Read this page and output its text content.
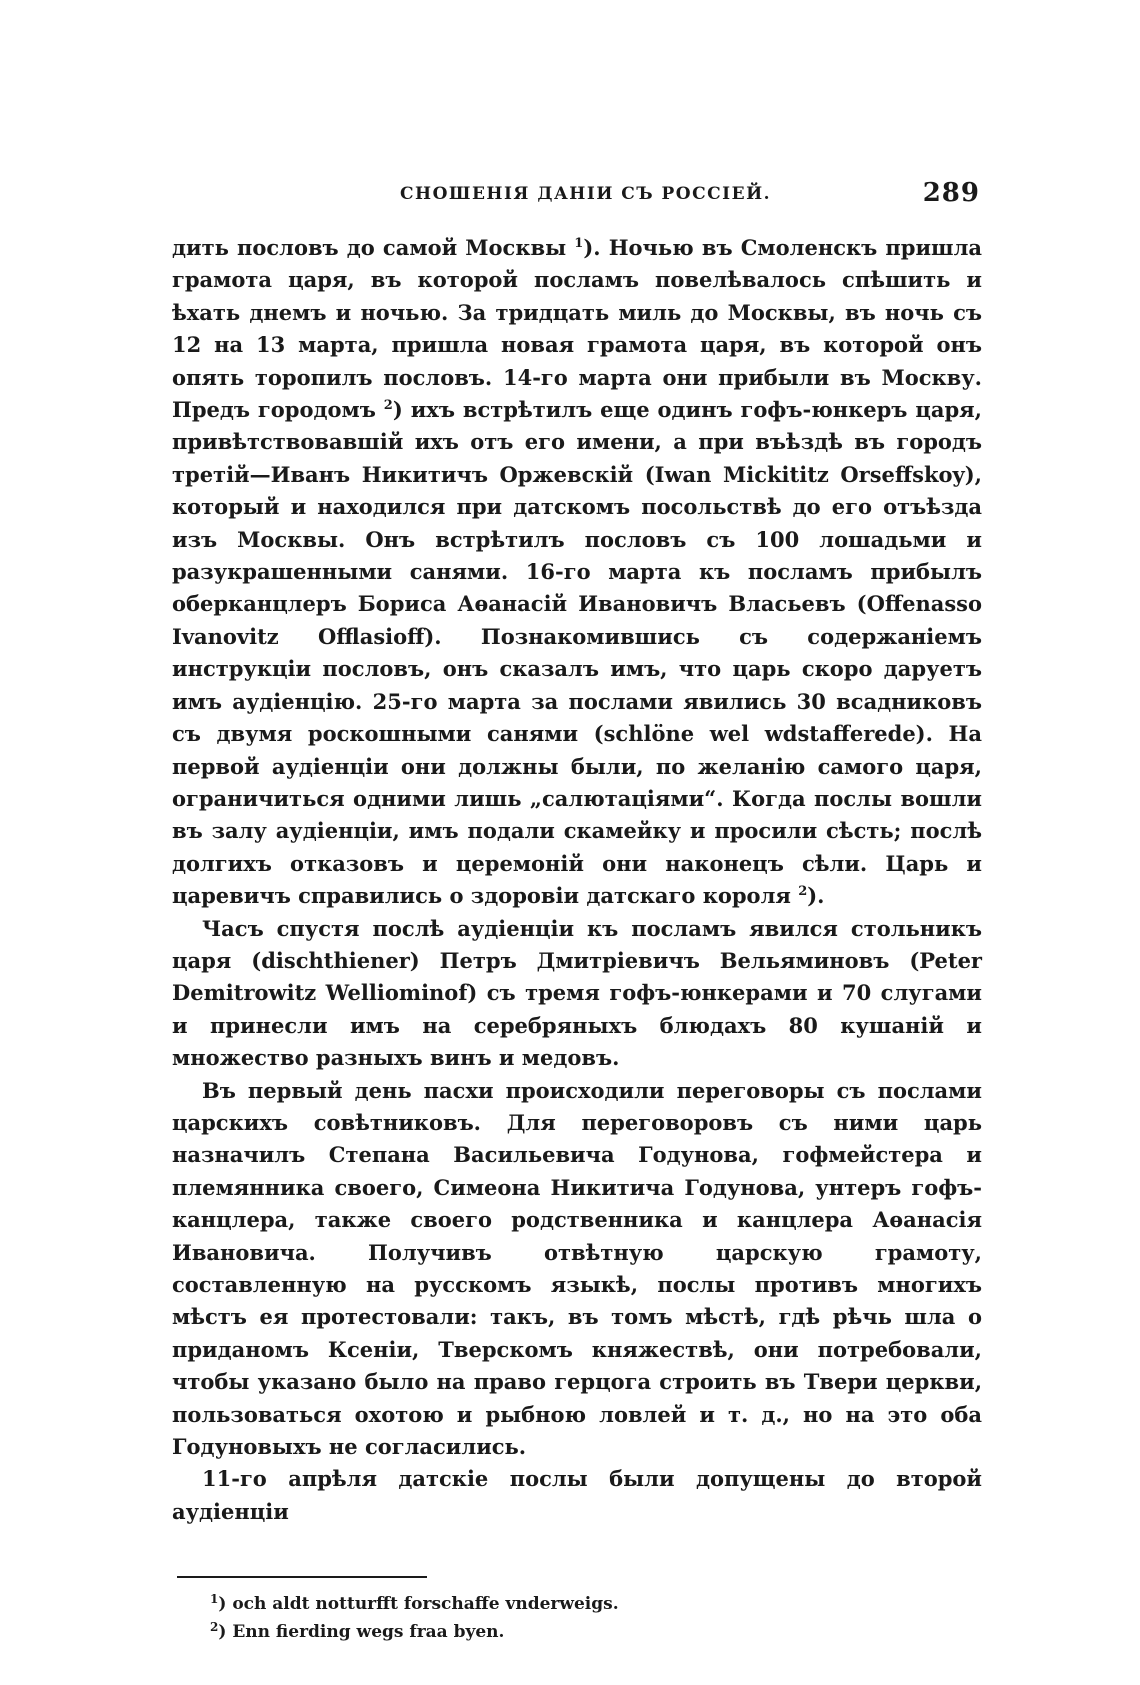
СНОШЕНІЯ ДАНІИ СЪ РОССІЕЙ.	289

дить пословъ до самой Москвы $^1$). Ночью въ Смоленскъ пришла грамота царя, въ которой посламъ повелѣвалось спѣшить и ѣхать днемъ и ночью. За тридцать миль до Москвы, въ ночь съ 12 на 13 марта, пришла новая грамота царя, въ которой онъ опять торопилъ пословъ. 14-го марта они прибыли въ Москву. Предъ городомъ $^2$) ихъ встрѣтилъ еще одинъ гофъ-юнкеръ царя, привѣтствовавшій ихъ отъ его имени, а при въѣздѣ въ городъ третій—Иванъ Никитичъ Оржевскій (Iwan Mickititz Orseffskoy), который и находился при датскомъ посольствѣ до его отъѣзда изъ Москвы. Онъ встрѣтилъ пословъ съ 100 лошадьми и разукрашенными санями. 16-го марта къ посламъ прибылъ оберканцлеръ Бориса Аѳанасій Ивановичъ Власьевъ (Offenasso Ivanovitz Offlasioff). Познакомившись съ содержаніемъ инструкціи пословъ, онъ сказалъ имъ, что царь скоро даруетъ имъ аудіенцію. 25-го марта за послами явились 30 всадниковъ съ двумя роскошными санями (schlöne wel wdstafferede). На первой аудіенціи они должны были, по желанію самого царя, ограничиться одними лишь „салютаціями“. Когда послы вошли въ залу аудіенціи, имъ подали скамейку и просили сѣсть; послѣ долгихъ отказовъ и церемоній они наконецъ сѣли. Царь и царевичъ справились о здоровіи датскаго короля $^2$).

Часъ спустя послѣ аудіенціи къ посламъ явился стольникъ царя (dischthiener) Петръ Дмитріевичъ Вельяминовъ (Peter Demitrowitz Welliominof) съ тремя гофъ-юнкерами и 70 слугами и принесли имъ на серебряныхъ блюдахъ 80 кушаній и множество разныхъ винъ и медовъ.

Въ первый день пасхи происходили переговоры съ послами царскихъ совѣтниковъ. Для переговоровъ съ ними царь назначилъ Степана Васильевича Годунова, гофмейстера и племянника своего, Симеона Никитича Годунова, унтеръ гофъ-канцлера, также своего родственника и канцлера Аѳанасія Ивановича. Получивъ отвѣтную царскую грамоту, составленную на русскомъ языкѣ, послы противъ многихъ мѣстъ ея протестовали: такъ, въ томъ мѣстѣ, гдѣ рѣчь шла о приданомъ Ксеніи, Тверскомъ княжествѣ, они потребовали, чтобы указано было на право герцога строить въ Твери церкви, пользоваться охотою и рыбною ловлей и т. д., но на это оба Годуновыхъ не согласились.

11-го апрѣля датскіе послы были допущены до второй аудіенціи

$^1$) och aldt notturfft forschaffe vnderweigs.
$^2$) Enn fierding wegs fraa byen.
